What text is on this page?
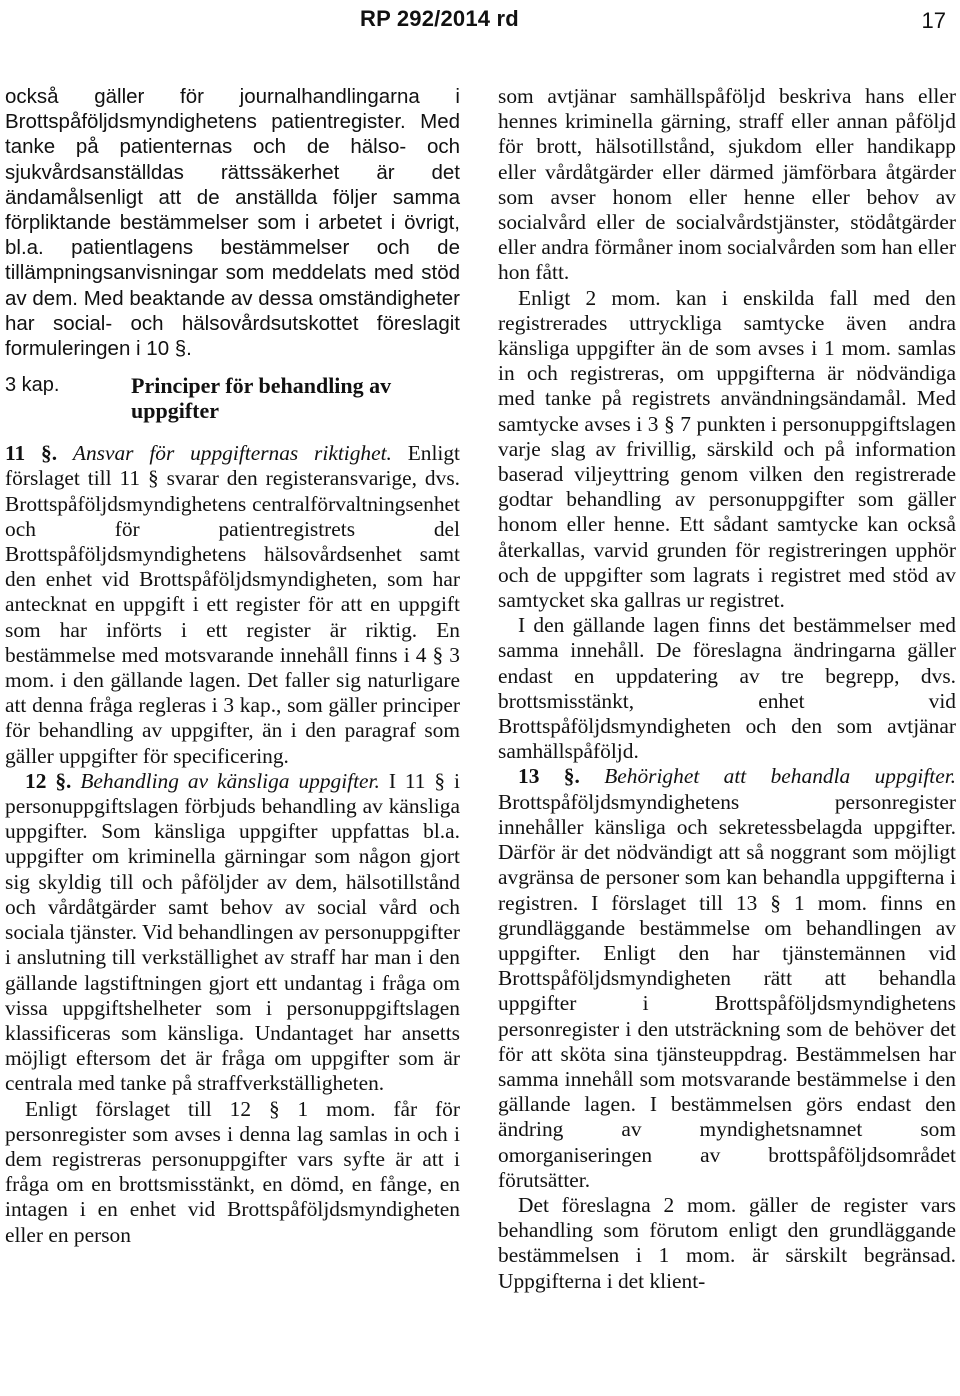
RP 292/2014 rd	17

också gäller för journalhandlingarna i Brottspåföljdsmyndighetens patientregister. Med tanke på patienternas och de hälso- och sjukvårdsanställdas rättssäkerhet är det ändamålsenligt att de anställda följer samma förpliktande bestämmelser som i arbetet i övrigt, bl.a. patientlagens bestämmelser och de tillämpningsanvisningar som meddelats med stöd av dem. Med beaktande av dessa omständigheter har social- och hälsovårdsutskottet föreslagit formuleringen i 10 §.

3 kap.	Principer för behandling av uppgifter

11 §. Ansvar för uppgifternas riktighet. Enligt förslaget till 11 § svarar den registeransvarige, dvs. Brottspåföljdsmyndighetens centralförvaltningsenhet och för patientregistrets del Brottspåföljdsmyndighetens hälsovårdsenhet samt den enhet vid Brottspåföljdsmyndigheten, som har antecknat en uppgift i ett register för att en uppgift som har införts i ett register är riktig. En bestämmelse med motsvarande innehåll finns i 4 § 3 mom. i den gällande lagen. Det faller sig naturligare att denna fråga regleras i 3 kap., som gäller principer för behandling av uppgifter, än i den paragraf som gäller uppgifter för specificering.

12 §. Behandling av känsliga uppgifter. I 11 § i personuppgiftslagen förbjuds behandling av känsliga uppgifter. Som känsliga uppgifter uppfattas bl.a. uppgifter om kriminella gärningar som någon gjort sig skyldig till och påföljder av dem, hälsotillstånd och vårdåtgärder samt behov av social vård och sociala tjänster. Vid behandlingen av personuppgifter i anslutning till verkställighet av straff har man i den gällande lagstiftningen gjort ett undantag i fråga om vissa uppgiftshelheter som i personuppgiftslagen klassificeras som känsliga. Undantaget har ansetts möjligt eftersom det är fråga om uppgifter som är centrala med tanke på straffverkställigheten.

Enligt förslaget till 12 § 1 mom. får för personregister som avses i denna lag samlas in och i dem registreras personuppgifter vars syfte är att i fråga om en brottsmisstänkt, en dömd, en fånge, en intagen i en enhet vid Brottspåföljdsmyndigheten eller en person

som avtjänar samhällspåföljd beskriva hans eller hennes kriminella gärning, straff eller annan påföljd för brott, hälsotillstånd, sjukdom eller handikapp eller vårdåtgärder eller därmed jämförbara åtgärder som avser honom eller henne eller behov av socialvård eller de socialvårdstjänster, stödåtgärder eller andra förmåner inom socialvården som han eller hon fått.

Enligt 2 mom. kan i enskilda fall med den registrerades uttryckliga samtycke även andra känsliga uppgifter än de som avses i 1 mom. samlas in och registreras, om uppgifterna är nödvändiga med tanke på registrets användningsändamål. Med samtycke avses i 3 § 7 punkten i personuppgiftslagen varje slag av frivillig, särskild och på information baserad viljeyttring genom vilken den registrerade godtar behandling av personuppgifter som gäller honom eller henne. Ett sådant samtycke kan också återkallas, varvid grunden för registreringen upphör och de uppgifter som lagrats i registret med stöd av samtycket ska gallras ur registret.

I den gällande lagen finns det bestämmelser med samma innehåll. De föreslagna ändringarna gäller endast en uppdatering av tre begrepp, dvs. brottsmisstänkt, enhet vid Brottspåföljdsmyndigheten och den som avtjänar samhällspåföljd.

13 §. Behörighet att behandla uppgifter. Brottspåföljdsmyndighetens personregister innehåller känsliga och sekretessbelagda uppgifter. Därför är det nödvändigt att så noggrant som möjligt avgränsa de personer som kan behandla uppgifterna i registren. I förslaget till 13 § 1 mom. finns en grundläggande bestämmelse om behandlingen av uppgifter. Enligt den har tjänstemännen vid Brottspåföljdsmyndigheten rätt att behandla uppgifter i Brottspåföljdsmyndighetens personregister i den utsträckning som de behöver det för att sköta sina tjänsteuppdrag. Bestämmelsen har samma innehåll som motsvarande bestämmelse i den gällande lagen. I bestämmelsen görs endast den ändring av myndighetsnamnet som omorganiseringen av brottspåföljdsområdet förutsätter.

Det föreslagna 2 mom. gäller de register vars behandling som förutom enligt den grundläggande bestämmelsen i 1 mom. är särskilt begränsad. Uppgifterna i det klient-
